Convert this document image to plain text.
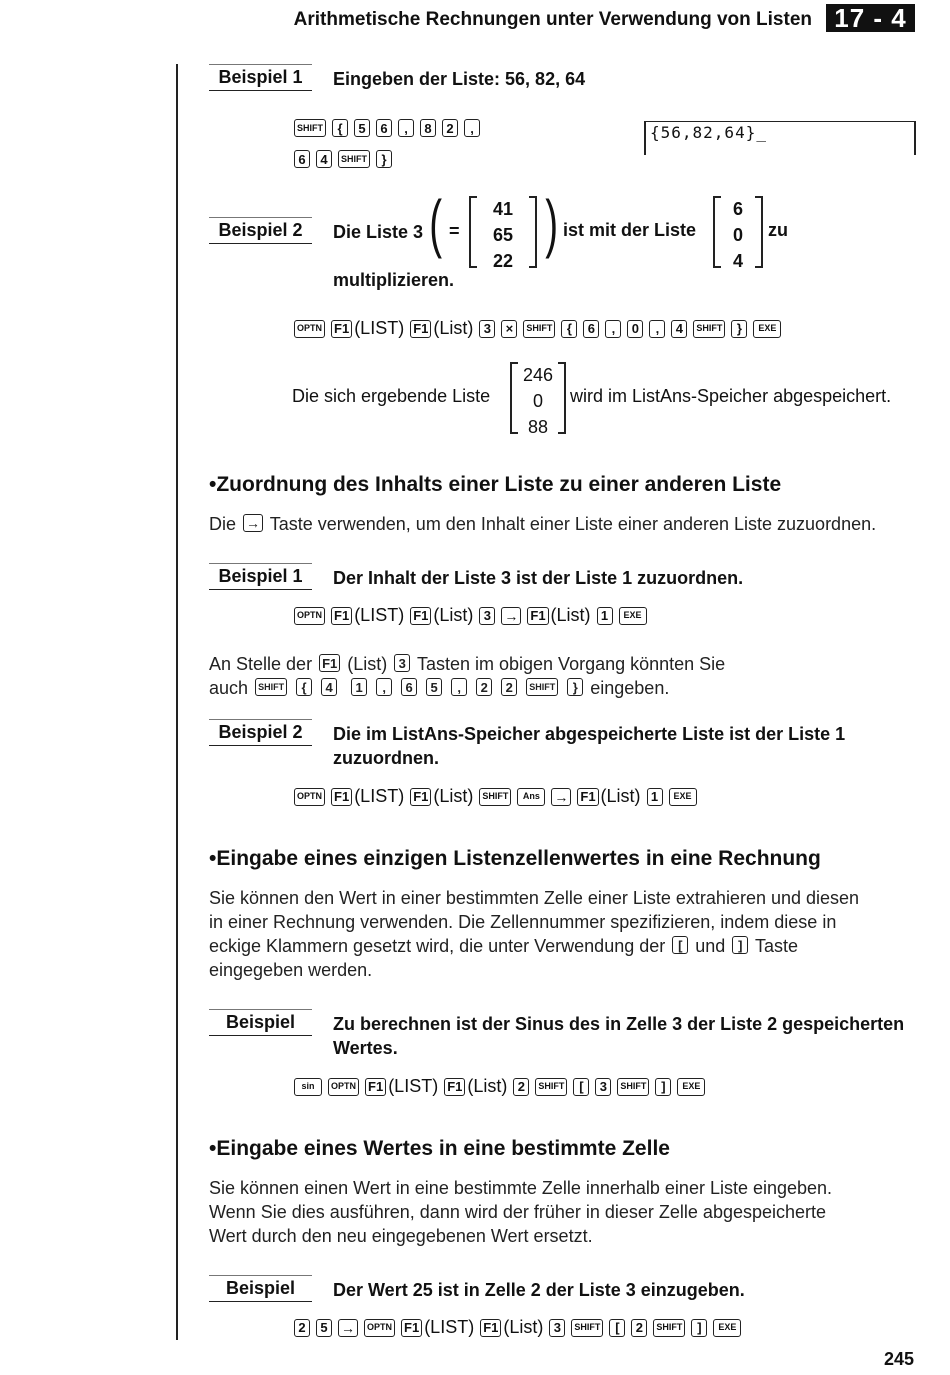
Arithmetische Rechnungen unter Verwendung von Listen 17 - 4
Beispiel 1	Eingeben der Liste: 56, 82, 64
SHIFT	{	5	6	,	8	2	,
6	4	SHIFT	}
{56,82,64}_
Beispiel 2	Die Liste 3 ( =
41
65
22
) ist mit der Liste
6
0
4
zu
multiplizieren.
OPTN F1 (LIST) F1 (List) 3	×	SHIFT	{	6	,	0	,	4	SHIFT	}	EXE
Die sich ergebende Liste
246
0
88
wird im ListAns-Speicher abgespeichert.
•Zuordnung des Inhalts einer Liste zu einer anderen Liste
Die → Taste verwenden, um den Inhalt einer Liste einer anderen Liste zuzuordnen.
Beispiel 1	Der Inhalt der Liste 3 ist der Liste 1 zuzuordnen.
OPTN F1 (LIST) F1 (List) 3 → F1 (List) 1	EXE
An Stelle der F1 (List) 3 Tasten im obigen Vorgang könnten Sie
auch SHIFT { 4 1 , 6 5 , 2 2 SHIFT } eingeben.
Beispiel 2	Die im ListAns-Speicher abgespeicherte Liste ist der Liste 1
zuzuordnen.
OPTN F1 (LIST) F1 (List)	SHIFT	Ans	→ F1 (List) 1	EXE
•Eingabe eines einzigen Listenzellenwertes in eine Rechnung
Sie können den Wert in einer bestimmten Zelle einer Liste extrahieren und diesen
in einer Rechnung verwenden. Die Zellennummer spezifizieren, indem diese in
eckige Klammern gesetzt wird, die unter Verwendung der [ und ] Taste
eingegeben werden.
Beispiel	Zu berechnen ist der Sinus des in Zelle 3 der Liste 2 gespeicherten
Wertes.
sin	OPTN F1 (LIST) F1 (List) 2	SHIFT	[	3	SHIFT	]	EXE
•Eingabe eines Wertes in eine bestimmte Zelle
Sie können einen Wert in eine bestimmte Zelle innerhalb einer Liste eingeben.
Wenn Sie dies ausführen, dann wird der früher in dieser Zelle abgespeicherte
Wert durch den neu eingegebenen Wert ersetzt.
Beispiel	Der Wert 25 ist in Zelle 2 der Liste 3 einzugeben.
2	5 →	OPTN F1 (LIST) F1 (List) 3	SHIFT	[	2	SHIFT	]	EXE
245
